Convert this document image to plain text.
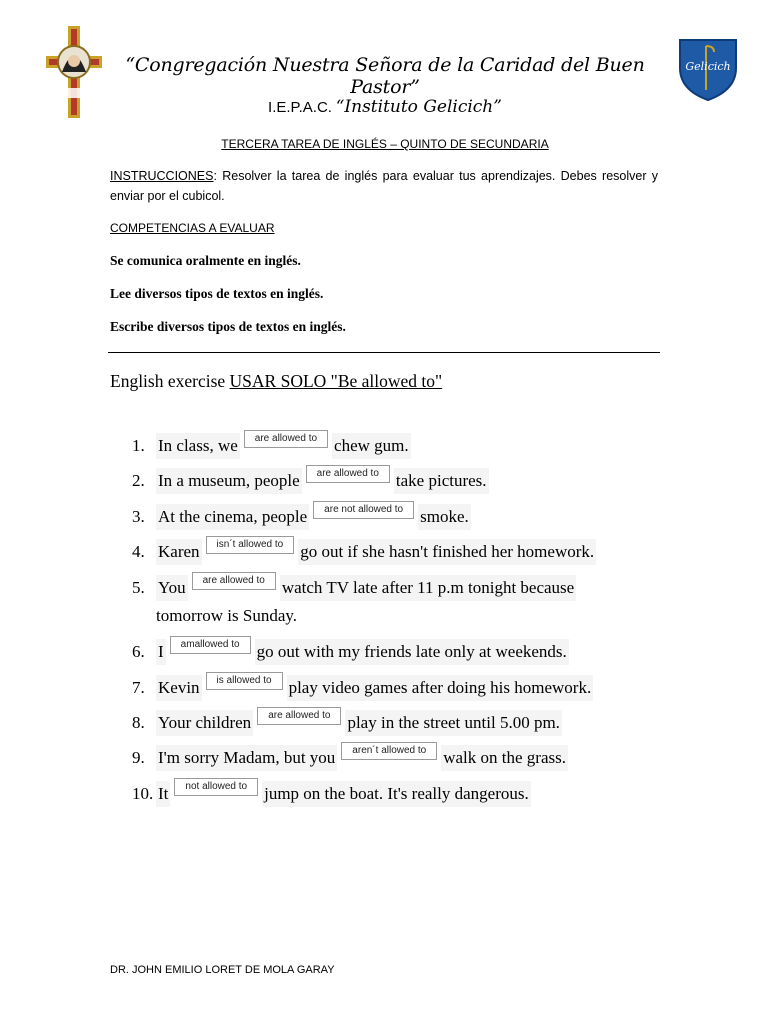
Gelicich
“Congregación Nuestra Señora de la Caridad del Buen Pastor”
I.E.P.A.C. “Instituto Gelicich”
TERCERA TAREA DE INGLÉS – QUINTO DE SECUNDARIA
INSTRUCCIONES: Resolver la tarea de inglés para evaluar tus aprendizajes. Debes resolver y enviar por el cubicol.
COMPETENCIAS A EVALUAR
Se comunica oralmente en inglés.
Lee diversos tipos de textos en inglés.
Escribe diversos tipos de textos en inglés.
English exercise USAR SOLO "Be allowed to"
1. In class, we	are allowed to	chew gum.
2. In a museum, people	are allowed to	take pictures.
3. At the cinema, people	are not allowed to	smoke.
4. Karen	isn´t allowed to	go out if she hasn't finished her homework.
5. You	are allowed to	watch TV late after 11 p.m tonight because
tomorrow is Sunday.
6. I	amallowed to	go out with my friends late only at weekends.
7. Kevin	is allowed to	play video games after doing his homework.
8. Your children	are allowed to	play in the street until 5.00 pm.
9. I'm sorry Madam, but you	aren´t allowed to	walk on the grass.
10. It	not allowed to	jump on the boat. It's really dangerous.
DR. JOHN EMILIO LORET DE MOLA GARAY
